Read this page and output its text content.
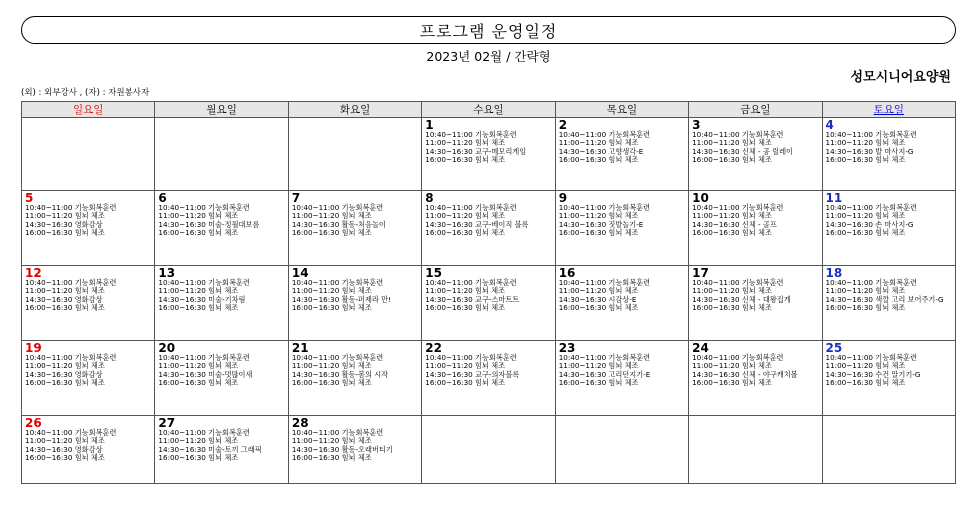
프로그램 운영일정
2023년 02월 / 간략형
성모시니어요양원
(외) : 외부강사 , (자) : 자원봉사자
일요일	월요일	화요일	수요일	목요일	금요일	토요일

			1
10:40~11:00 기능회복훈련
11:00~11:20 힘뇌 체조
14:30~16:30 교구-메모리게임
16:00~16:30 힘뇌 체조	2
10:40~11:00 기능회복훈련
11:00~11:20 힘뇌 체조
14:30~16:30 고향생각-E
16:00~16:30 힘뇌 체조	3
10:40~11:00 기능회복훈련
11:00~11:20 힘뇌 체조
14:30~16:30 신체 - 공 릴레이
16:00~16:30 힘뇌 체조	4
10:40~11:00 기능회복훈련
11:00~11:20 힘뇌 체조
14:30~16:30 발 마사지-G
16:00~16:30 힘뇌 체조

5
10:40~11:00 기능회복훈련
11:00~11:20 힘뇌 체조
14:30~16:30 영화감상
16:00~16:30 힘뇌 체조	6
10:40~11:00 기능회복훈련
11:00~11:20 힘뇌 체조
14:30~16:30 미술-정월대보름
16:00~16:30 힘뇌 체조	7
10:40~11:00 기능회복훈련
11:00~11:20 힘뇌 체조
14:30~16:30 활동-처음놀이
16:00~16:30 힘뇌 체조	8
10:40~11:00 기능회복훈련
11:00~11:20 힘뇌 체조
14:30~16:30 교구-베이직 블록
16:00~16:30 힘뇌 체조	9
10:40~11:00 기능회복훈련
11:00~11:20 힘뇌 체조
14:30~16:30 짓발놀기-E
16:00~16:30 힘뇌 체조	10
10:40~11:00 기능회복훈련
11:00~11:20 힘뇌 체조
14:30~16:30 신체 - 골프
16:00~16:30 힘뇌 체조	11
10:40~11:00 기능회복훈련
11:00~11:20 힘뇌 체조
14:30~16:30 손 마사지-G
16:00~16:30 힘뇌 체조

12
10:40~11:00 기능회복훈련
11:00~11:20 힘뇌 체조
14:30~16:30 영화감상
16:00~16:30 힘뇌 체조	13
10:40~11:00 기능회복훈련
11:00~11:20 힘뇌 체조
14:30~16:30 미술-기차림
16:00~16:30 힘뇌 체조	14
10:40~11:00 기능회복훈련
11:00~11:20 힘뇌 체조
14:30~16:30 활동-퍼제라 만!
16:00~16:30 힘뇌 체조	15
10:40~11:00 기능회복훈련
11:00~11:20 힘뇌 체조
14:30~16:30 교구-스마트트
16:00~16:30 힘뇌 체조	16
10:40~11:00 기능회복훈련
11:00~11:20 힘뇌 체조
14:30~16:30 시감상-E
16:00~16:30 힘뇌 체조	17
10:40~11:00 기능회복훈련
11:00~11:20 힘뇌 체조
14:30~16:30 신체 - 대왕집게
16:00~16:30 힘뇌 체조	18
10:40~11:00 기능회복훈련
11:00~11:20 힘뇌 체조
14:30~16:30 색깔 고리 보어주기-G
16:00~16:30 힘뇌 체조

19
10:40~11:00 기능회복훈련
11:00~11:20 힘뇌 체조
14:30~16:30 영화감상
16:00~16:30 힘뇌 체조	20
10:40~11:00 기능회복훈련
11:00~11:20 힘뇌 체조
14:30~16:30 미술-멋많이새
16:00~16:30 힘뇌 체조	21
10:40~11:00 기능회복훈련
11:00~11:20 힘뇌 체조
14:30~16:30 활동-봄의 시작
16:00~16:30 힘뇌 체조	22
10:40~11:00 기능회복훈련
11:00~11:20 힘뇌 체조
14:30~16:30 교구-의자블록
16:00~16:30 힘뇌 체조	23
10:40~11:00 기능회복훈련
11:00~11:20 힘뇌 체조
14:30~16:30 고리던지기-E
16:00~16:30 힘뇌 체조	24
10:40~11:00 기능회복훈련
11:00~11:20 힘뇌 체조
14:30~16:30 신체 - 야구캐치볼
16:00~16:30 힘뇌 체조	25
10:40~11:00 기능회복훈련
11:00~11:20 힘뇌 체조
14:30~16:30 수건 말기기-G
16:00~16:30 힘뇌 체조

26
10:40~11:00 기능회복훈련
11:00~11:20 힘뇌 체조
14:30~16:30 영화감상
16:00~16:30 힘뇌 체조	27
10:40~11:00 기능회복훈련
11:00~11:20 힘뇌 체조
14:30~16:30 미술-토끼 그래픽
16:00~16:30 힘뇌 체조	28
10:40~11:00 기능회복훈련
11:00~11:20 힘뇌 체조
14:30~16:30 활동-오래버티기
16:00~16:30 힘뇌 체조				
